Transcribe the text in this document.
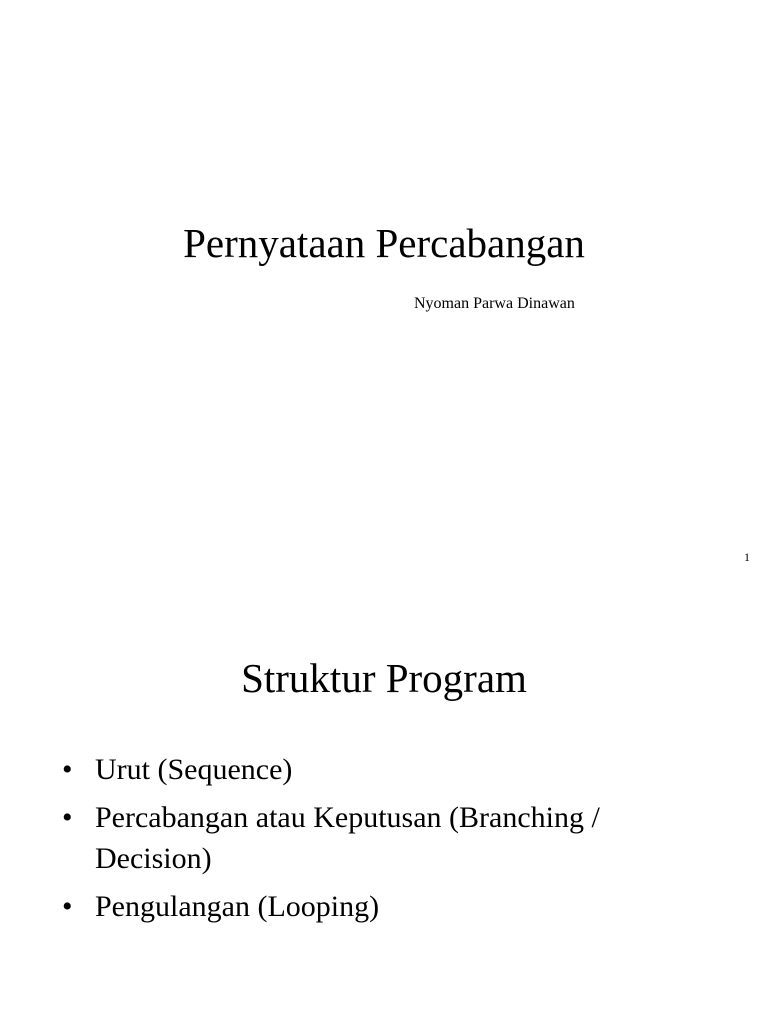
Pernyataan Percabangan
Nyoman Parwa Dinawan
1
Struktur Program
• Urut (Sequence)
• Percabangan atau Keputusan (Branching / Decision)
• Pengulangan (Looping)
